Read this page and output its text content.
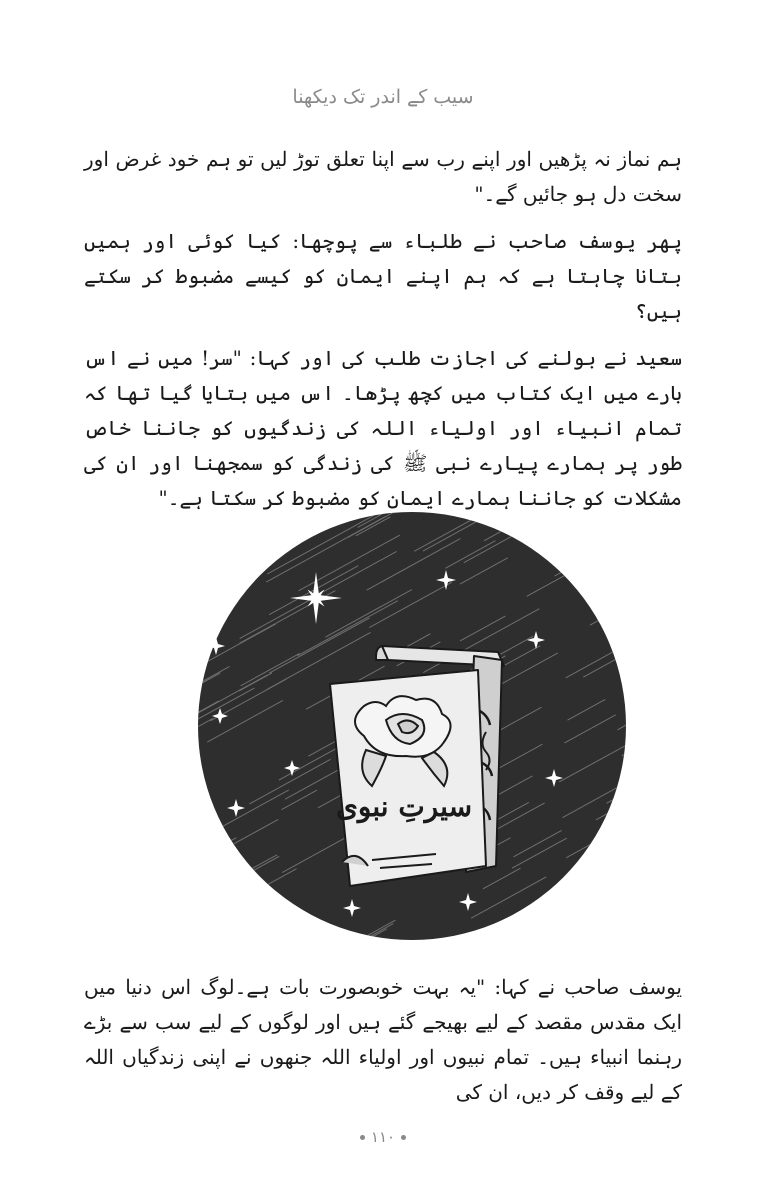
سیب کے اندر تک دیکھنا

ہم نماز نہ پڑھیں اور اپنے رب سے اپنا تعلق توڑ لیں تو ہم خود غرض اور سخت دل ہو جائیں گے۔"

پھر یوسف صاحب نے طلباء سے پوچھا: کیا کوئی اور ہمیں بتانا چاہتا ہے کہ ہم اپنے ایمان کو کیسے مضبوط کر سکتے ہیں؟

سعید نے بولنے کی اجازت طلب کی اور کہا: "سر! میں نے اس بارے میں ایک کتاب میں کچھ پڑھا۔ اس میں بتایا گیا تھا کہ تمام انبیاء اور اولیاء اللہ کی زندگیوں کو جاننا خاص طور پر ہمارے پیارے نبی ﷺ کی زندگی کو سمجھنا اور ان کی مشکلات کو جاننا ہمارے ایمان کو مضبوط کر سکتا ہے۔"

سیرتِ نبوی

یوسف صاحب نے کہا: "یہ بہت خوبصورت بات ہے۔لوگ اس دنیا میں ایک مقدس مقصد کے لیے بھیجے گئے ہیں اور لوگوں کے لیے سب سے بڑے رہنما انبیاء ہیں۔ تمام نبیوں اور اولیاء اللہ جنھوں نے اپنی زندگیاں اللہ کے لیے وقف کر دیں، ان کی

١١٠
